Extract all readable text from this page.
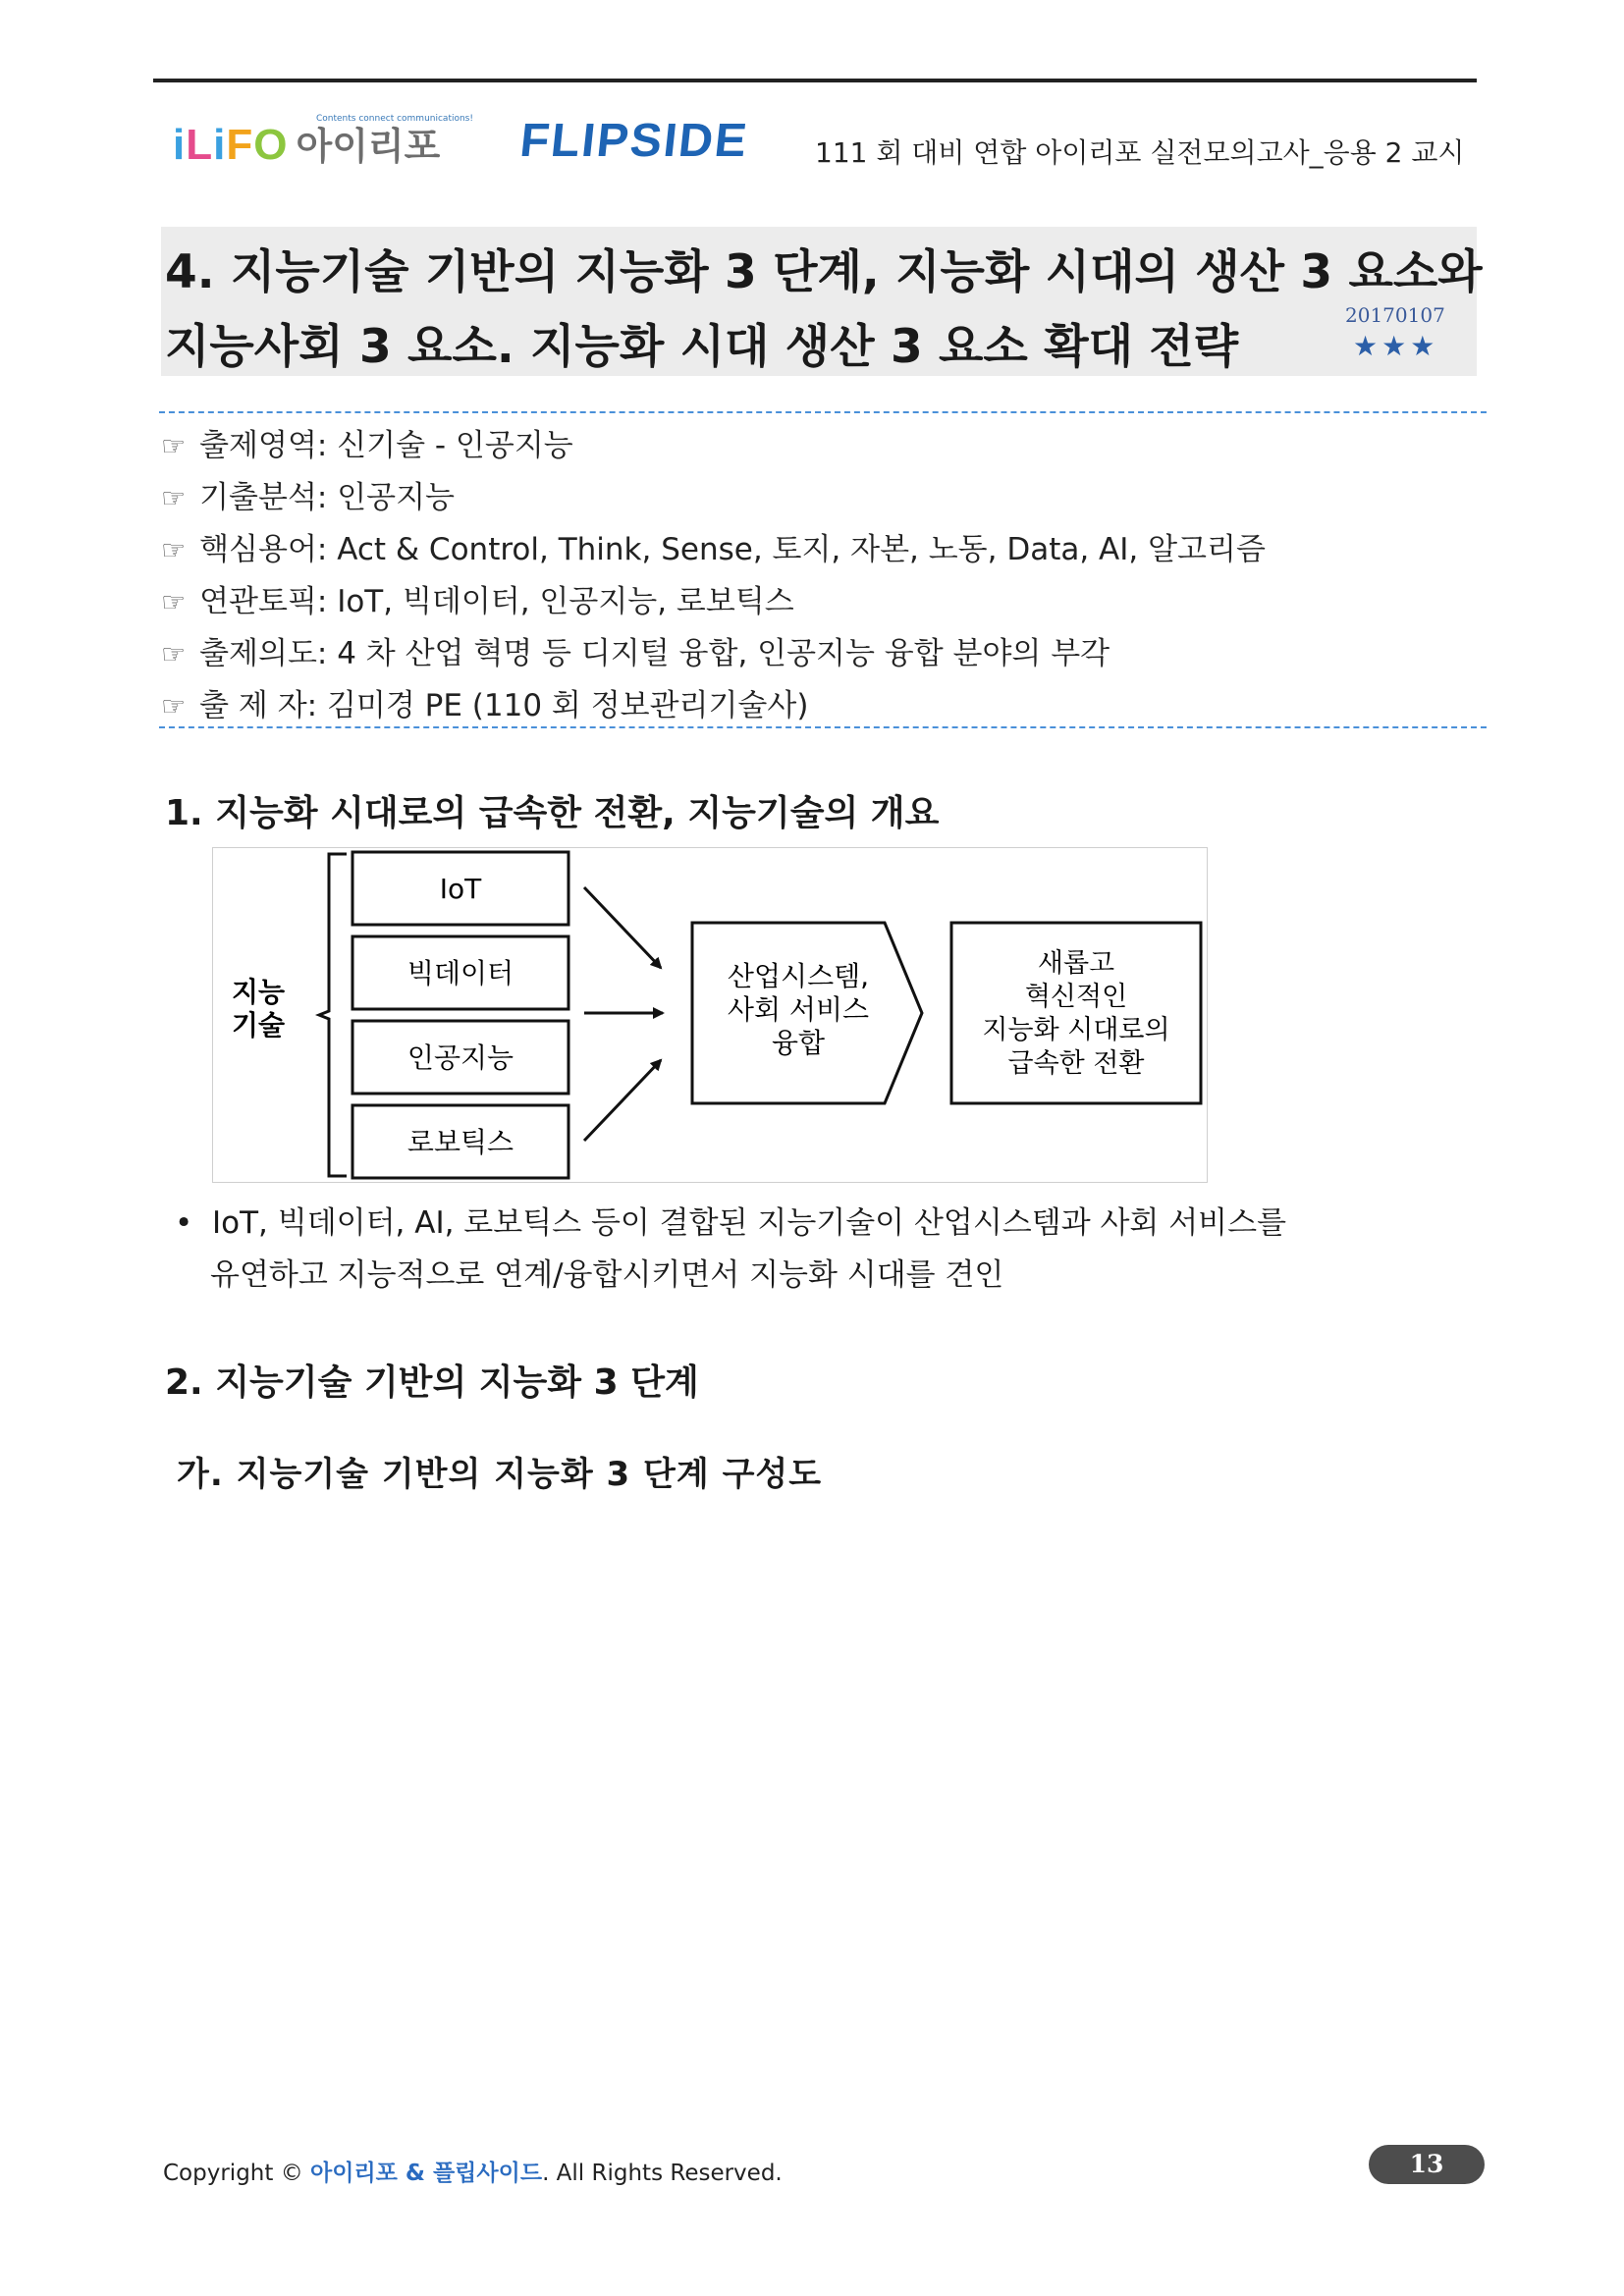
Contents connect communications!
iLiFO 아이리포 FLIPSIDE 111 회 대비 연합 아이리포 실전모의고사_응용 2 교시
4. 지능기술 기반의 지능화 3 단계, 지능화 시대의 생산 3 요소와
지능사회 3 요소. 지능화 시대 생산 3 요소 확대 전략
20170107
★★★
☞ 출제영역: 신기술 - 인공지능
☞ 기출분석: 인공지능
☞ 핵심용어: Act & Control, Think, Sense, 토지, 자본, 노동, Data, AI, 알고리즘
☞ 연관토픽: IoT, 빅데이터, 인공지능, 로보틱스
☞ 출제의도: 4 차 산업 혁명 등 디지털 융합, 인공지능 융합 분야의 부각
☞ 출 제 자: 김미경 PE (110 회 정보관리기술사)
1. 지능화 시대로의 급속한 전환, 지능기술의 개요
지능
기술
IoT
빅데이터
인공지능
로보틱스
산업시스템,
사회 서비스
융합
새롭고
혁신적인
지능화 시대로의
급속한 전환
•  IoT, 빅데이터, AI, 로보틱스 등이 결합된 지능기술이 산업시스템과 사회 서비스를
유연하고 지능적으로 연계/융합시키면서 지능화 시대를 견인
2. 지능기술 기반의 지능화 3 단계
가. 지능기술 기반의 지능화 3 단계 구성도
Copyright © 아이리포 & 플립사이드. All Rights Reserved.	13
